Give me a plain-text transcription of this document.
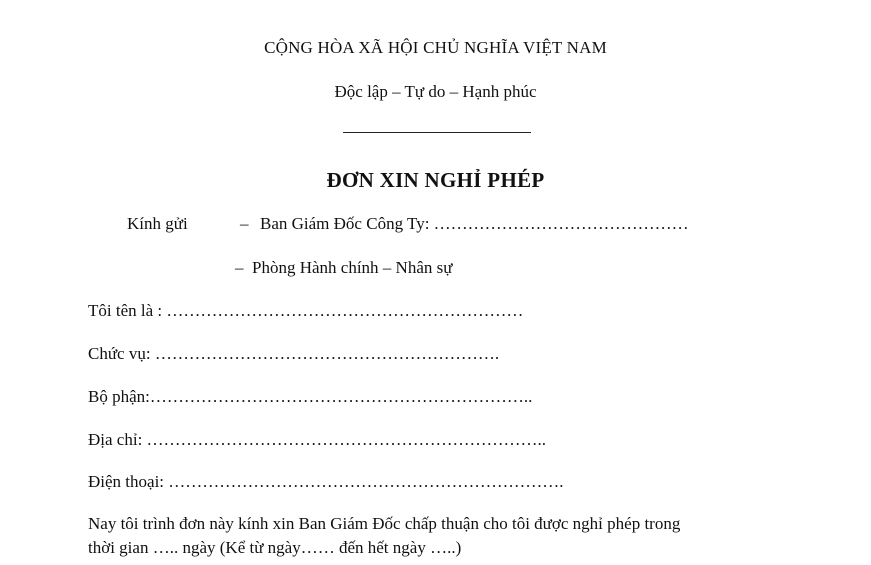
CỘNG HÒA XÃ HỘI CHỦ NGHĨA VIỆT NAM
Độc lập – Tự do – Hạnh phúc
ĐƠN XIN NGHỈ PHÉP
Kính gửi	– Ban Giám Đốc Công Ty: ………………………………………
–  Phòng Hành chính – Nhân sự
Tôi tên là : ………………………………………………………
Chức vụ: …………………………………………………….
Bộ phận:…………………………………………………………..
Địa chỉ: ……………………………………………………………..
Điện thoại: …………………………………………………………….
Nay tôi trình đơn này kính xin Ban Giám Đốc chấp thuận cho tôi được nghỉ phép trong
thời gian ….. ngày (Kể từ ngày…… đến hết ngày …..)
